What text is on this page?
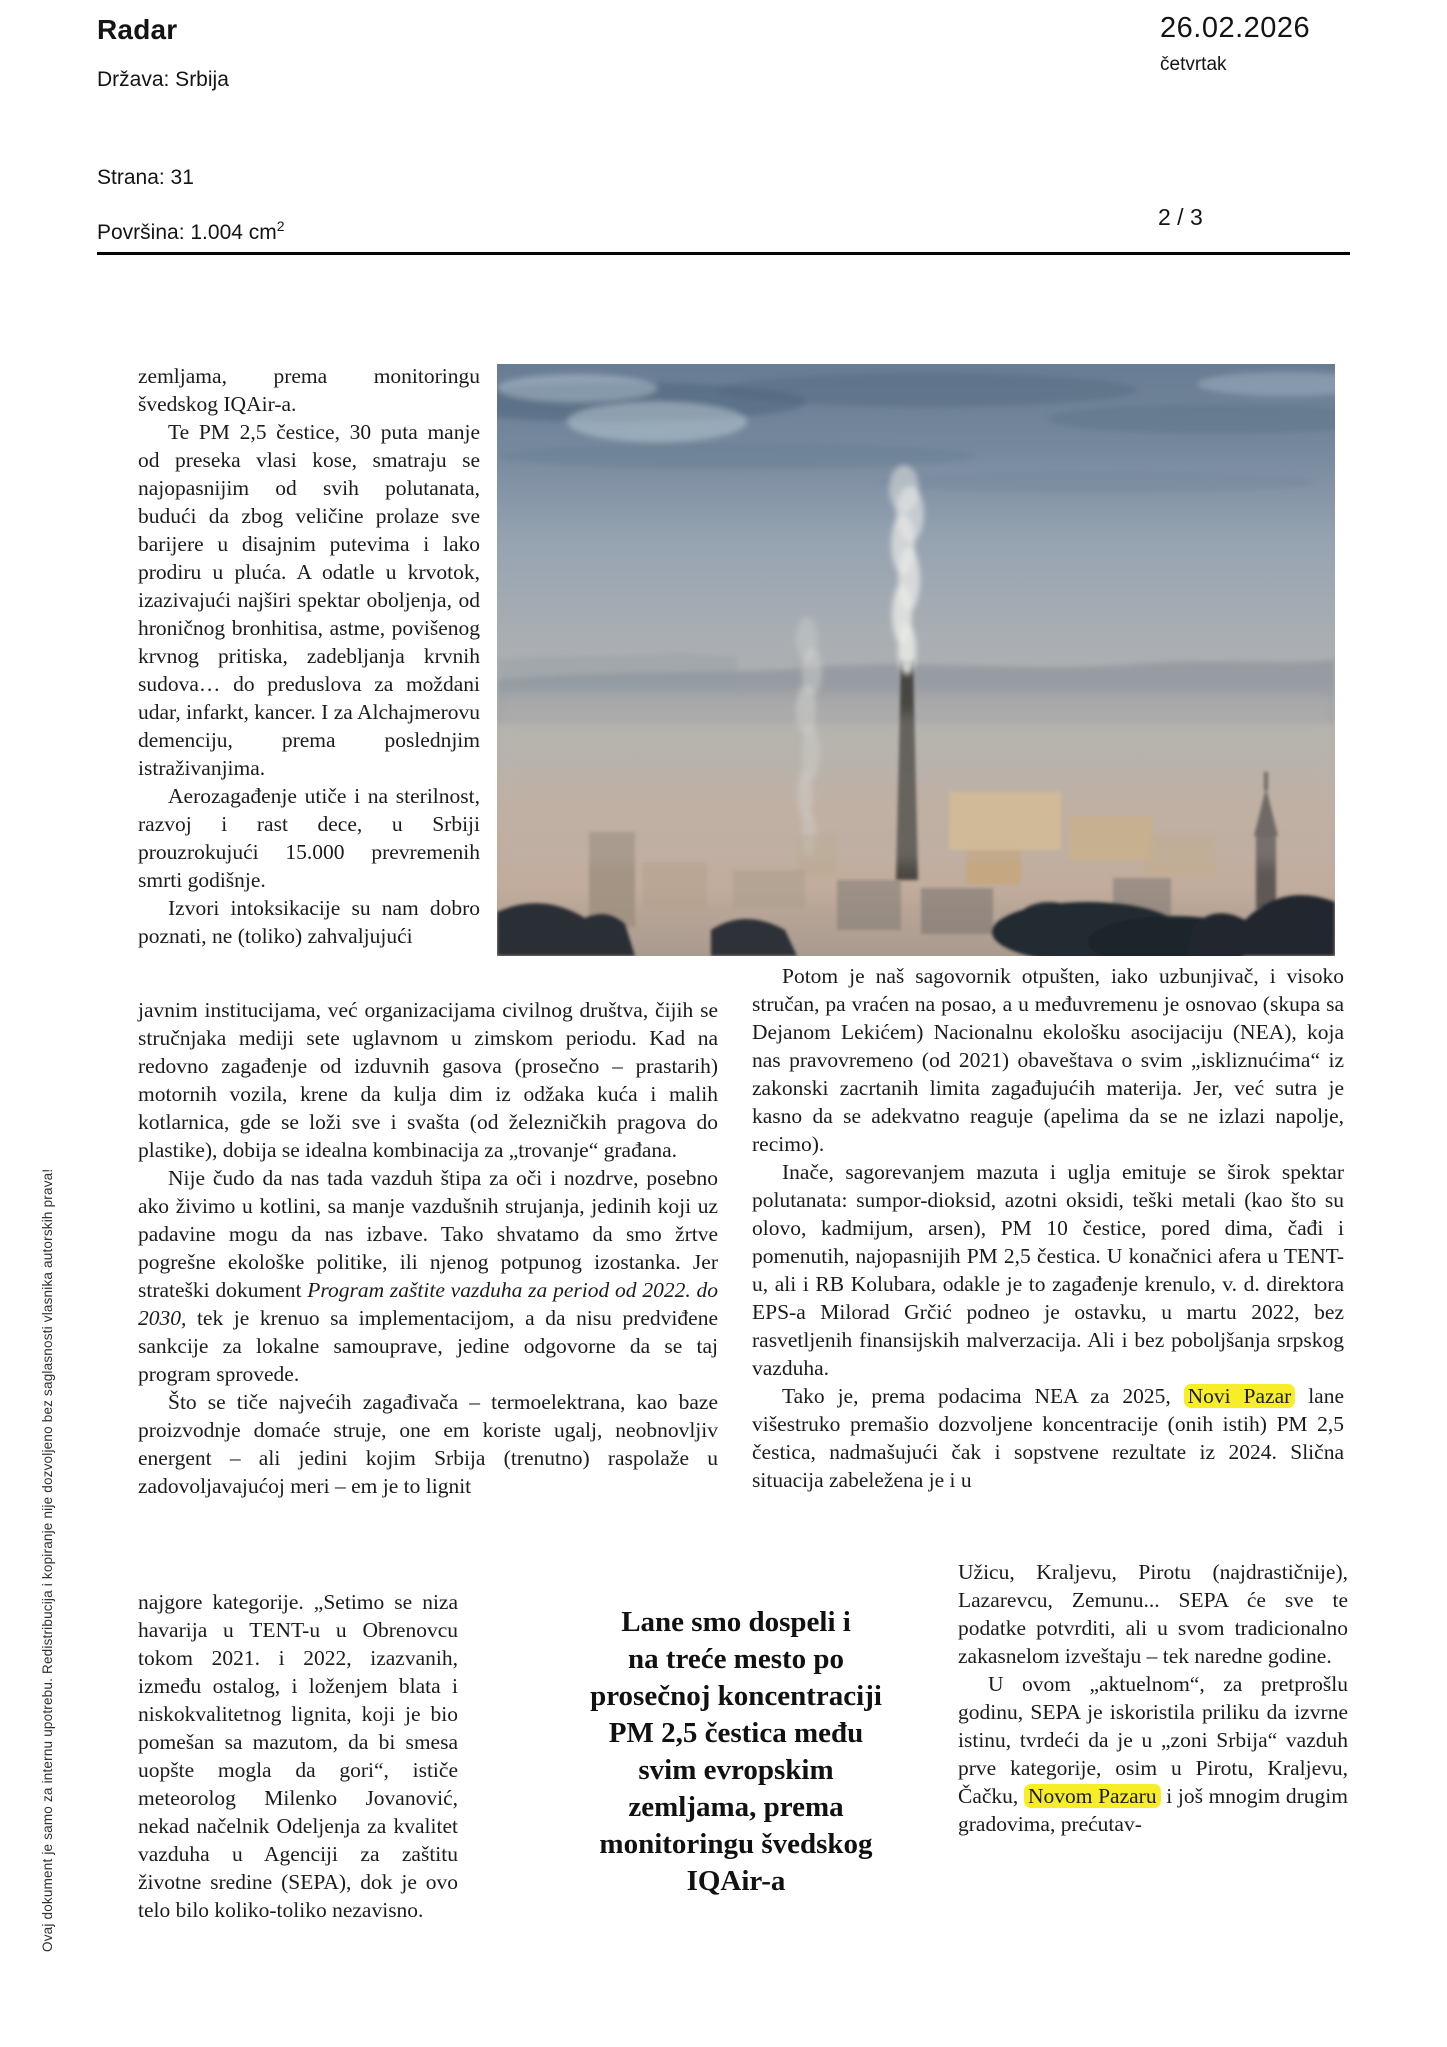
Radar
Država: Srbija
26.02.2026
četvrtak
Strana: 31
Površina: 1.004 $cm^2$	2 / 3

zemljama, prema monitoringu švedskog IQAir-a.

Te PM 2,5 čestice, 30 puta manje od preseka vlasi kose, smatraju se najopasnijim od svih polutanata, budući da zbog veličine prolaze sve barijere u disajnim putevima i lako prodiru u pluća. A odatle u krvotok, izazivajući najširi spektar oboljenja, od hroničnog bronhitisa, astme, povišenog krvnog pritiska, zadebljanja krvnih sudova… do preduslova za moždani udar, infarkt, kancer. I za Alchajmerovu demenciju, prema poslednjim istraživanjima.

Aerozagađenje utiče i na sterilnost, razvoj i rast dece, u Srbiji prouzrokujući 15.000 prevremenih smrti godišnje.

Izvori intoksikacije su nam dobro poznati, ne (toliko) zahvaljujući

javnim institucijama, već organizacijama civilnog društva, čijih se stručnjaka mediji sete uglavnom u zimskom periodu. Kad na redovno zagađenje od izduvnih gasova (prosečno – prastarih) motornih vozila, krene da kulja dim iz odžaka kuća i malih kotlarnica, gde se loži sve i svašta (od železničkih pragova do plastike), dobija se idealna kombinacija za „trovanje“ građana.

Nije čudo da nas tada vazduh štipa za oči i nozdrve, posebno ako živimo u kotlini, sa manje vazdušnih strujanja, jedinih koji uz padavine mogu da nas izbave. Tako shvatamo da smo žrtve pogrešne ekološke politike, ili njenog potpunog izostanka. Jer strateški dokument Program zaštite vazduha za period od 2022. do 2030, tek je krenuo sa implementacijom, a da nisu predviđene sankcije za lokalne samouprave, jedine odgovorne da se taj program sprovede.

Što se tiče najvećih zagađivača – termoelektrana, kao baze proizvodnje domaće struje, one em koriste ugalj, neobnovljiv energent – ali jedini kojim Srbija (trenutno) raspolaže u zadovoljavajućoj meri – em je to lignit

najgore kategorije. „Setimo se niza havarija u TENT-u u Obrenovcu tokom 2021. i 2022, izazvanih, između ostalog, i loženjem blata i niskokvalitetnog lignita, koji je bio pomešan sa mazutom, da bi smesa uopšte mogla da gori“, ističe meteorolog Milenko Jovanović, nekad načelnik Odeljenja za kvalitet vazduha u Agenciji za zaštitu životne sredine (SEPA), dok je ovo telo bilo koliko-toliko nezavisno.

Potom je naš sagovornik otpušten, iako uzbunjivač, i visoko stručan, pa vraćen na posao, a u međuvremenu je osnovao (skupa sa Dejanom Lekićem) Nacionalnu ekološku asocijaciju (NEA), koja nas pravovremeno (od 2021) obaveštava o svim „iskliznućima“ iz zakonski zacrtanih limita zagađujućih materija. Jer, već sutra je kasno da se adekvatno reaguje (apelima da se ne izlazi napolje, recimo).

Inače, sagorevanjem mazuta i uglja emituje se širok spektar polutanata: sumpor-dioksid, azotni oksidi, teški metali (kao što su olovo, kadmijum, arsen), PM 10 čestice, pored dima, čađi i pomenutih, najopasnijih PM 2,5 čestica. U konačnici afera u TENT-u, ali i RB Kolubara, odakle je to zagađenje krenulo, v. d. direktora EPS-a Milorad Grčić podneo je ostavku, u martu 2022, bez rasvetljenih finansijskih malverzacija. Ali i bez poboljšanja srpskog vazduha.

Tako je, prema podacima NEA za 2025, Novi Pazar lane višestruko premašio dozvoljene koncentracije (onih istih) PM 2,5 čestica, nadmašujući čak i sopstvene rezultate iz 2024. Slična situacija zabeležena je i u

Užicu, Kraljevu, Pirotu (najdrastičnije), Lazarevcu, Zemunu... SEPA će sve te podatke potvrditi, ali u svom tradicionalno zakasnelom izveštaju – tek naredne godine.

U ovom „aktuelnom“, za pretprošlu godinu, SEPA je iskoristila priliku da izvrne istinu, tvrdeći da je u „zoni Srbija“ vazduh prve kategorije, osim u Pirotu, Kraljevu, Čačku, Novom Pazaru i još mnogim drugim gradovima, prećutav-

Lane smo dospeli i

na treće mesto po

prosečnoj koncentraciji

PM 2,5 čestica među

svim evropskim

zemljama, prema

monitoringu švedskog

IQAir-a

Ovaj dokument je samo za internu upotrebu. Redistribucija i kopiranje nije dozvoljeno bez saglasnosti vlasnika autorskih prava!
